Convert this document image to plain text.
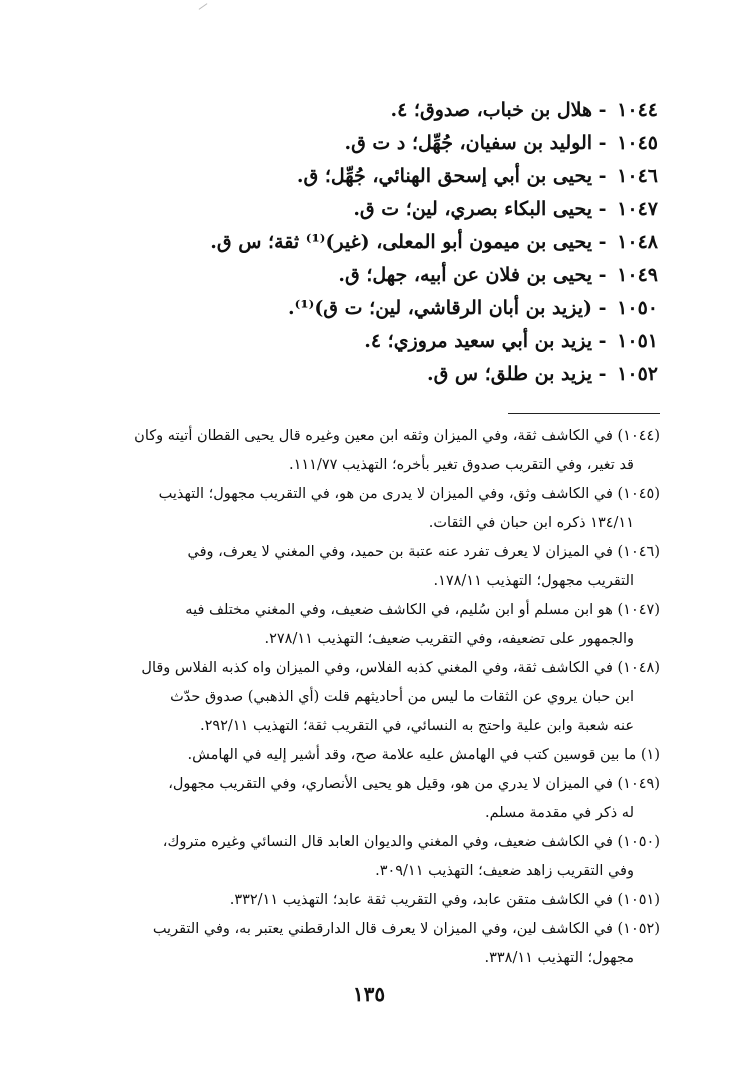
١٠٤٤ - هلال بن خباب، صدوق؛ ٤.
١٠٤٥ - الوليد بن سفيان، جُهِّل؛ د ت ق.
١٠٤٦ - يحيى بن أبي إسحق الهنائي، جُهِّل؛ ق.
١٠٤٧ - يحيى البكاء بصري، لين؛ ت ق.
١٠٤٨ - يحيى بن ميمون أبو المعلى، (غير)⁽¹⁾ ثقة؛ س ق.
١٠٤٩ - يحيى بن فلان عن أبيه، جهل؛ ق.
١٠٥٠ - (يزيد بن أبان الرقاشي، لين؛ ت ق)⁽¹⁾.
١٠٥١ - يزيد بن أبي سعيد مروزي؛ ٤.
١٠٥٢ - يزيد بن طلق؛ س ق.

(١٠٤٤) في الكاشف ثقة، وفي الميزان وثقه ابن معين وغيره قال يحيى القطان أتيته وكان
قد تغير، وفي التقريب صدوق تغير بأخره؛ التهذيب ١١١/٧٧.

(١٠٤٥) في الكاشف وثق، وفي الميزان لا يدرى من هو، في التقريب مجهول؛ التهذيب
١٣٤/١١ ذكره ابن حبان في الثقات.

(١٠٤٦) في الميزان لا يعرف تفرد عنه عتبة بن حميد، وفي المغني لا يعرف، وفي
التقريب مجهول؛ التهذيب ١٧٨/١١.

(١٠٤٧) هو ابن مسلم أو ابن سُليم، في الكاشف ضعيف، وفي المغني مختلف فيه
والجمهور على تضعيفه، وفي التقريب ضعيف؛ التهذيب ٢٧٨/١١.

(١٠٤٨) في الكاشف ثقة، وفي المغني كذبه الفلاس، وفي الميزان واه كذبه الفلاس وقال
ابن حبان يروي عن الثقات ما ليس من أحاديثهم قلت (أي الذهبي) صدوق حدّث
عنه شعبة وابن علية واحتج به النسائي، في التقريب ثقة؛ التهذيب ٢٩٢/١١.

(١) ما بين قوسين كتب في الهامش عليه علامة صح، وقد أشير إليه في الهامش.

(١٠٤٩) في الميزان لا يدري من هو، وقيل هو يحيى الأنصاري، وفي التقريب مجهول،
له ذكر في مقدمة مسلم.

(١٠٥٠) في الكاشف ضعيف، وفي المغني والديوان العابد قال النسائي وغيره متروك،
وفي التقريب زاهد ضعيف؛ التهذيب ٣٠٩/١١.

(١٠٥١) في الكاشف متقن عابد، وفي التقريب ثقة عابد؛ التهذيب ٣٣٢/١١.

(١٠٥٢) في الكاشف لين، وفي الميزان لا يعرف قال الدارقطني يعتبر به، وفي التقريب
مجهول؛ التهذيب ٣٣٨/١١.

١٣٥
